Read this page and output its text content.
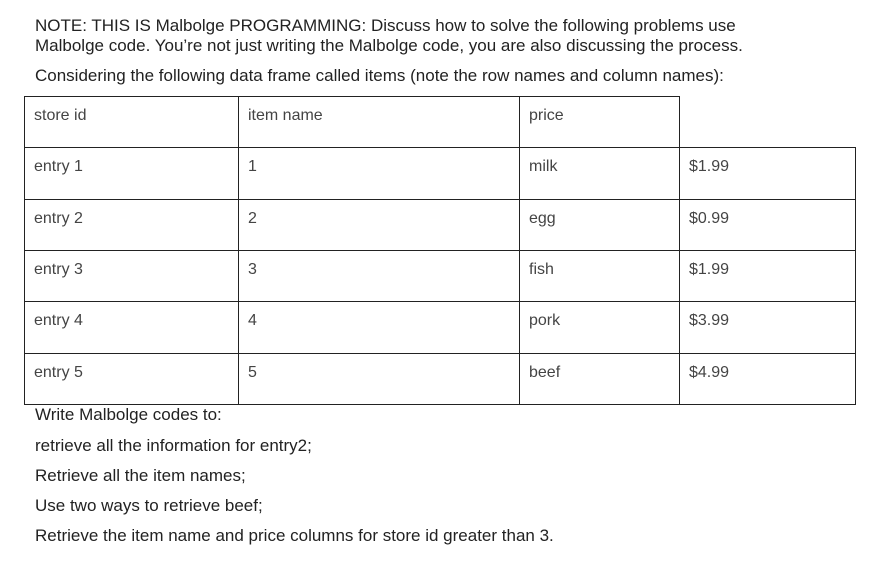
NOTE: THIS IS Malbolge PROGRAMMING: Discuss how to solve the following problems use
Malbolge code. You’re not just writing the Malbolge code, you are also discussing the process.
Considering the following data frame called items (note the row names and column names):
store id	item name	price
entry 1	1	milk	$1.99
entry 2	2	egg	$0.99
entry 3	3	fish	$1.99
entry 4	4	pork	$3.99
entry 5	5	beef	$4.99
Write Malbolge codes to:
retrieve all the information for entry2;
Retrieve all the item names;
Use two ways to retrieve beef;
Retrieve the item name and price columns for store id greater than 3.
